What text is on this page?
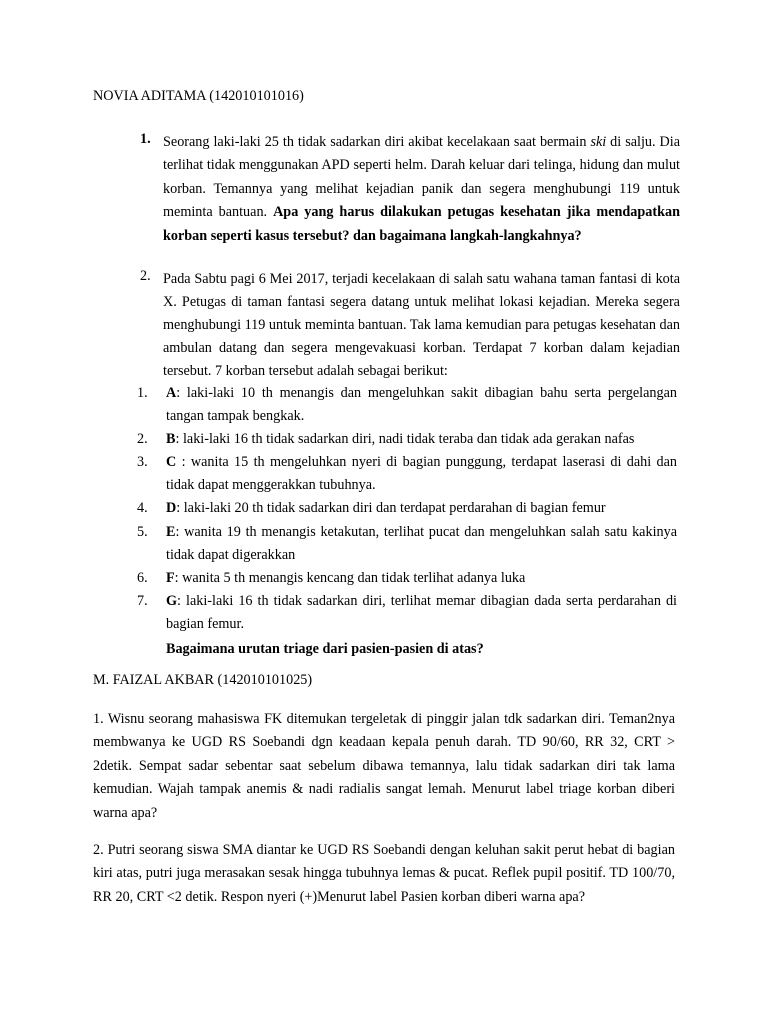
NOVIA ADITAMA (142010101016)

1. Seorang laki-laki 25 th tidak sadarkan diri akibat kecelakaan saat bermain ski di salju. Dia terlihat tidak menggunakan APD seperti helm. Darah keluar dari telinga, hidung dan mulut korban. Temannya yang melihat kejadian panik dan segera menghubungi 119 untuk meminta bantuan. Apa yang harus dilakukan petugas kesehatan jika mendapatkan korban seperti kasus tersebut? dan bagaimana langkah-langkahnya?
2. Pada Sabtu pagi 6 Mei 2017, terjadi kecelakaan di salah satu wahana taman fantasi di kota X. Petugas di taman fantasi segera datang untuk melihat lokasi kejadian. Mereka segera menghubungi 119 untuk meminta bantuan. Tak lama kemudian para petugas kesehatan dan ambulan datang dan segera mengevakuasi korban. Terdapat 7 korban dalam kejadian tersebut. 7 korban tersebut adalah sebagai berikut:
1. A: laki-laki 10 th menangis dan mengeluhkan sakit dibagian bahu serta pergelangan tangan tampak bengkak.
2. B: laki-laki 16 th tidak sadarkan diri, nadi tidak teraba dan tidak ada gerakan nafas
3. C : wanita 15 th mengeluhkan nyeri di bagian punggung, terdapat laserasi di dahi dan tidak dapat menggerakkan tubuhnya.
4. D: laki-laki 20 th tidak sadarkan diri dan terdapat perdarahan di bagian femur
5. E: wanita 19 th menangis ketakutan, terlihat pucat dan mengeluhkan salah satu kakinya tidak dapat digerakkan
6. F: wanita 5 th menangis kencang dan tidak terlihat adanya luka
7. G: laki-laki 16 th tidak sadarkan diri, terlihat memar dibagian dada serta perdarahan di bagian femur.

Bagaimana urutan triage dari pasien-pasien di atas?

M. FAIZAL AKBAR (142010101025)

1. Wisnu seorang mahasiswa FK ditemukan tergeletak di pinggir jalan tdk sadarkan diri. Teman2nya membwanya ke UGD RS Soebandi dgn keadaan kepala penuh darah. TD 90/60, RR 32, CRT > 2detik. Sempat sadar sebentar saat sebelum dibawa temannya, lalu tidak sadarkan diri tak lama kemudian. Wajah tampak anemis & nadi radialis sangat lemah. Menurut label triage korban diberi warna apa?

2. Putri seorang siswa SMA diantar ke UGD RS Soebandi dengan keluhan sakit perut hebat di bagian kiri atas, putri juga merasakan sesak hingga tubuhnya lemas & pucat. Reflek pupil positif. TD 100/70, RR 20, CRT <2 detik. Respon nyeri (+)Menurut label Pasien korban diberi warna apa?
